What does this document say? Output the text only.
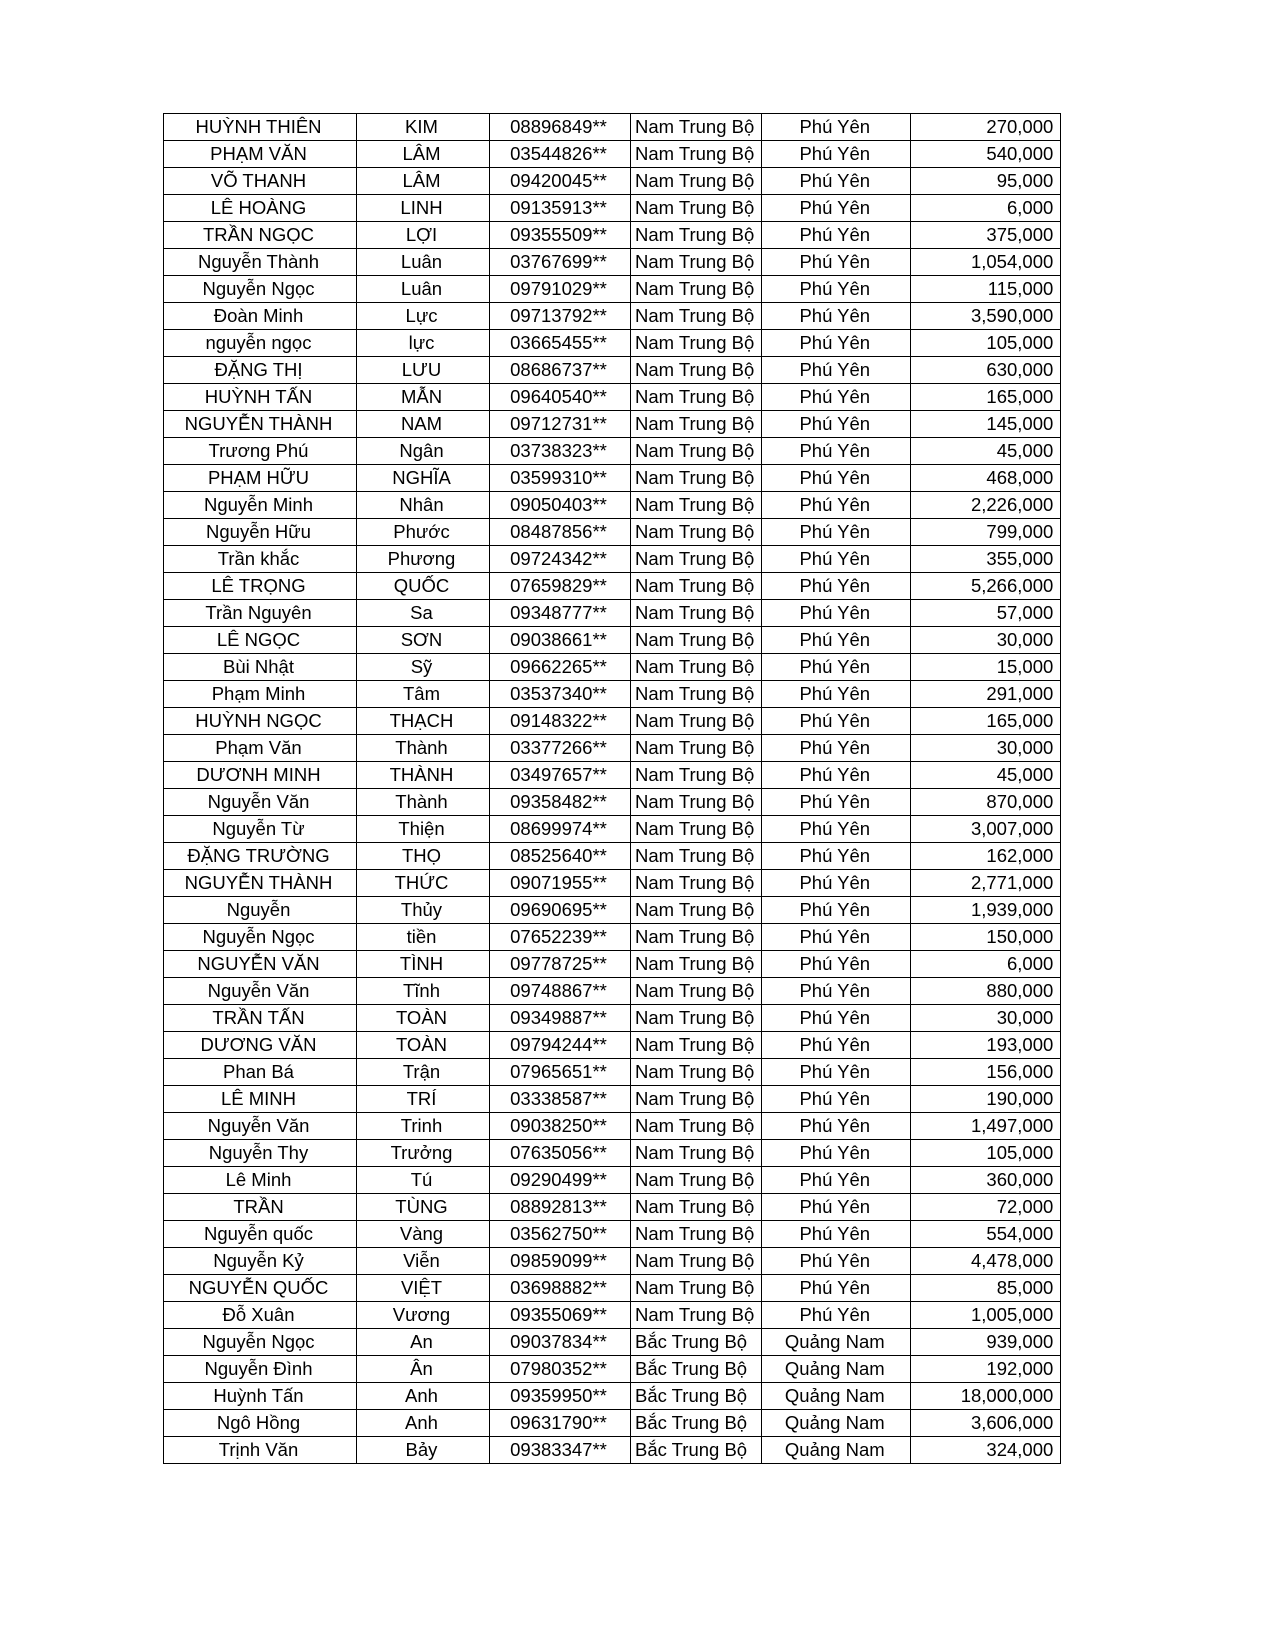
HUỲNH THIÊN	KIM	08896849**	Nam Trung Bộ	Phú Yên	270,000
PHẠM VĂN	LÂM	03544826**	Nam Trung Bộ	Phú Yên	540,000
VÕ THANH	LÂM	09420045**	Nam Trung Bộ	Phú Yên	95,000
LÊ HOÀNG	LINH	09135913**	Nam Trung Bộ	Phú Yên	6,000
TRẦN NGỌC	LỢI	09355509**	Nam Trung Bộ	Phú Yên	375,000
Nguyễn Thành	Luân	03767699**	Nam Trung Bộ	Phú Yên	1,054,000
Nguyễn Ngọc	Luân	09791029**	Nam Trung Bộ	Phú Yên	115,000
Đoàn Minh	Lực	09713792**	Nam Trung Bộ	Phú Yên	3,590,000
nguyễn ngọc	lực	03665455**	Nam Trung Bộ	Phú Yên	105,000
ĐẶNG THỊ	LƯU	08686737**	Nam Trung Bộ	Phú Yên	630,000
HUỲNH TẤN	MẪN	09640540**	Nam Trung Bộ	Phú Yên	165,000
NGUYỄN THÀNH	NAM	09712731**	Nam Trung Bộ	Phú Yên	145,000
Trương Phú	Ngân	03738323**	Nam Trung Bộ	Phú Yên	45,000
PHẠM HỮU	NGHĨA	03599310**	Nam Trung Bộ	Phú Yên	468,000
Nguyễn Minh	Nhân	09050403**	Nam Trung Bộ	Phú Yên	2,226,000
Nguyễn Hữu	Phước	08487856**	Nam Trung Bộ	Phú Yên	799,000
Trần khắc	Phương	09724342**	Nam Trung Bộ	Phú Yên	355,000
LÊ TRỌNG	QUỐC	07659829**	Nam Trung Bộ	Phú Yên	5,266,000
Trần Nguyên	Sa	09348777**	Nam Trung Bộ	Phú Yên	57,000
LÊ NGỌC	SƠN	09038661**	Nam Trung Bộ	Phú Yên	30,000
Bùi Nhật	Sỹ	09662265**	Nam Trung Bộ	Phú Yên	15,000
Phạm Minh	Tâm	03537340**	Nam Trung Bộ	Phú Yên	291,000
HUỲNH NGỌC	THẠCH	09148322**	Nam Trung Bộ	Phú Yên	165,000
Phạm Văn	Thành	03377266**	Nam Trung Bộ	Phú Yên	30,000
DƯƠNH MINH	THÀNH	03497657**	Nam Trung Bộ	Phú Yên	45,000
Nguyễn Văn	Thành	09358482**	Nam Trung Bộ	Phú Yên	870,000
Nguyễn Từ	Thiện	08699974**	Nam Trung Bộ	Phú Yên	3,007,000
ĐẶNG TRƯỜNG	THỌ	08525640**	Nam Trung Bộ	Phú Yên	162,000
NGUYỄN THÀNH	THỨC	09071955**	Nam Trung Bộ	Phú Yên	2,771,000
Nguyễn	Thủy	09690695**	Nam Trung Bộ	Phú Yên	1,939,000
Nguyễn Ngọc	tiền	07652239**	Nam Trung Bộ	Phú Yên	150,000
NGUYỄN VĂN	TÌNH	09778725**	Nam Trung Bộ	Phú Yên	6,000
Nguyễn Văn	Tĩnh	09748867**	Nam Trung Bộ	Phú Yên	880,000
TRẦN TẤN	TOÀN	09349887**	Nam Trung Bộ	Phú Yên	30,000
DƯƠNG VĂN	TOÀN	09794244**	Nam Trung Bộ	Phú Yên	193,000
Phan Bá	Trận	07965651**	Nam Trung Bộ	Phú Yên	156,000
LÊ MINH	TRÍ	03338587**	Nam Trung Bộ	Phú Yên	190,000
Nguyễn Văn	Trinh	09038250**	Nam Trung Bộ	Phú Yên	1,497,000
Nguyễn Thy	Trưởng	07635056**	Nam Trung Bộ	Phú Yên	105,000
Lê Minh	Tú	09290499**	Nam Trung Bộ	Phú Yên	360,000
TRẦN	TÙNG	08892813**	Nam Trung Bộ	Phú Yên	72,000
Nguyễn quốc	Vàng	03562750**	Nam Trung Bộ	Phú Yên	554,000
Nguyễn Kỷ	Viễn	09859099**	Nam Trung Bộ	Phú Yên	4,478,000
NGUYỄN QUỐC	VIỆT	03698882**	Nam Trung Bộ	Phú Yên	85,000
Đỗ Xuân	Vương	09355069**	Nam Trung Bộ	Phú Yên	1,005,000
Nguyễn Ngọc	An	09037834**	Bắc Trung Bộ	Quảng Nam	939,000
Nguyễn Đình	Ân	07980352**	Bắc Trung Bộ	Quảng Nam	192,000
Huỳnh Tấn	Anh	09359950**	Bắc Trung Bộ	Quảng Nam	18,000,000
Ngô Hồng	Anh	09631790**	Bắc Trung Bộ	Quảng Nam	3,606,000
Trịnh Văn	Bảy	09383347**	Bắc Trung Bộ	Quảng Nam	324,000
